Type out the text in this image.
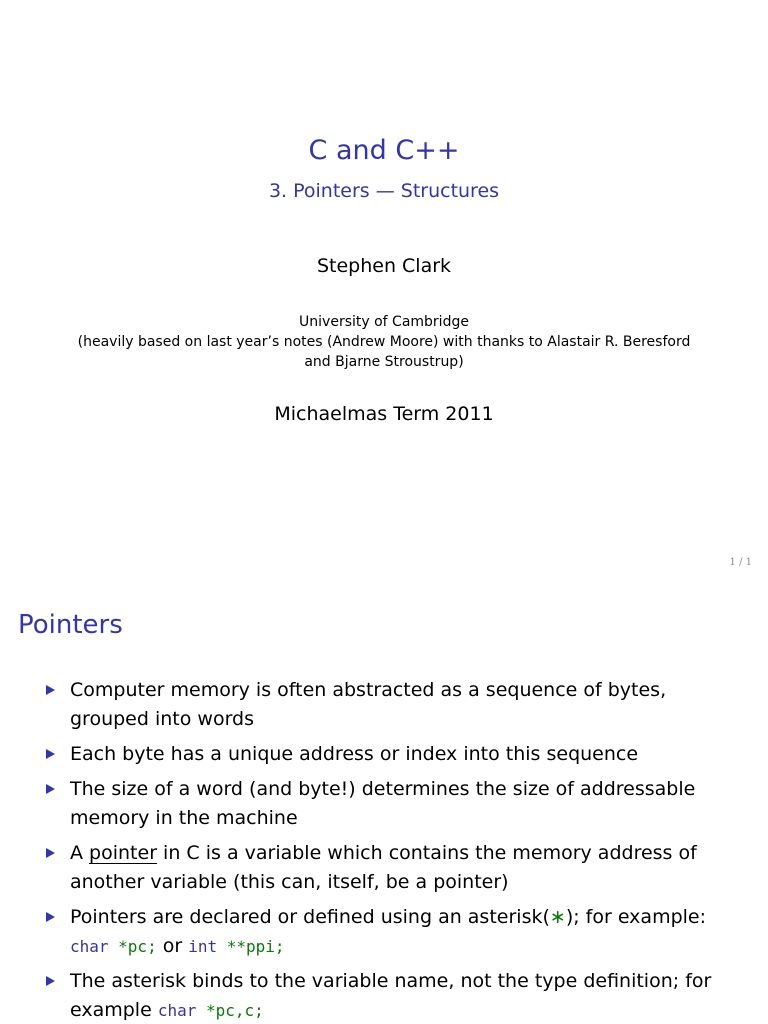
C and C++
3. Pointers — Structures
Stephen Clark
University of Cambridge
(heavily based on last year’s notes (Andrew Moore) with thanks to Alastair R. Beresford
and Bjarne Stroustrup)
Michaelmas Term 2011
1 / 1
Pointers
Computer memory is often abstracted as a sequence of bytes,
grouped into words
Each byte has a unique address or index into this sequence
The size of a word (and byte!) determines the size of addressable
memory in the machine
A pointer in C is a variable which contains the memory address of
another variable (this can, itself, be a pointer)
Pointers are declared or defined using an asterisk(∗); for example:
char *pc; or int **ppi;
The asterisk binds to the variable name, not the type definition; for
example char *pc,c;
